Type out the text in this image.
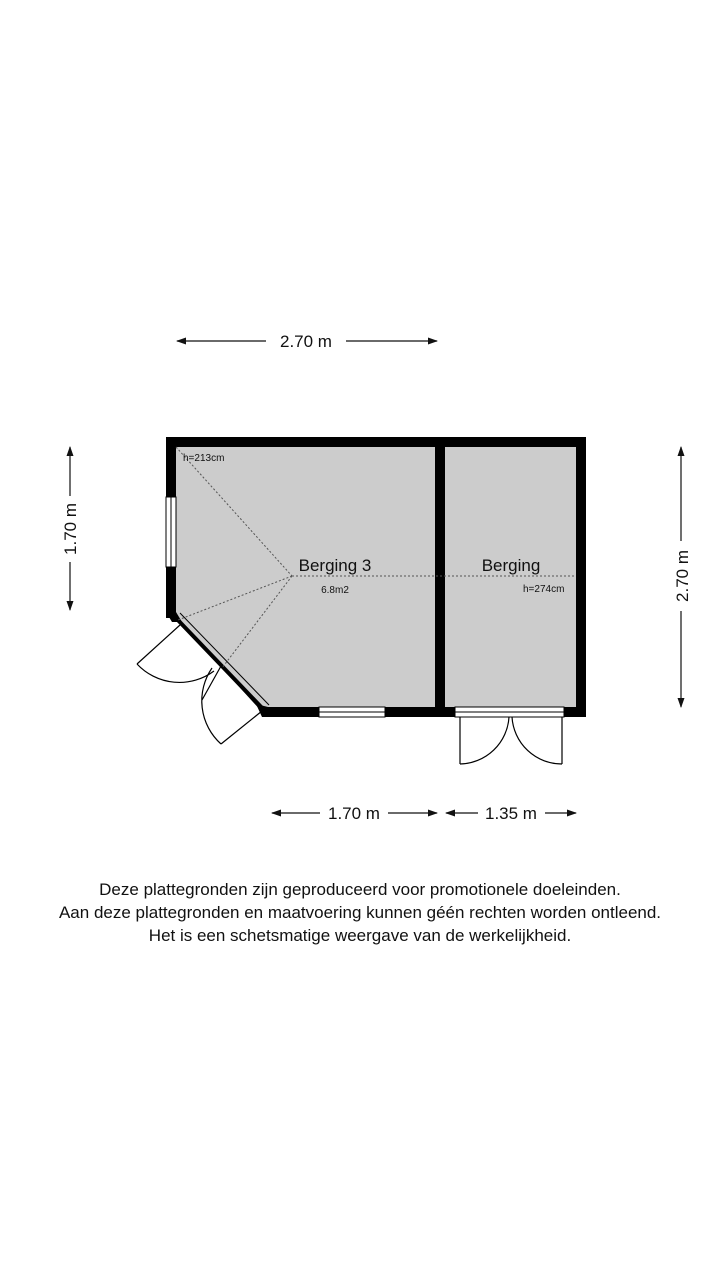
Berging 3
6.8m2
h=213cm
Berging
h=274cm
2.70 m
1.70 m
2.70 m
1.70 m	1.35 m
Deze plattegronden zijn geproduceerd voor promotionele doeleinden.
Aan deze plattegronden en maatvoering kunnen géén rechten worden ontleend.
Het is een schetsmatige weergave van de werkelijkheid.
